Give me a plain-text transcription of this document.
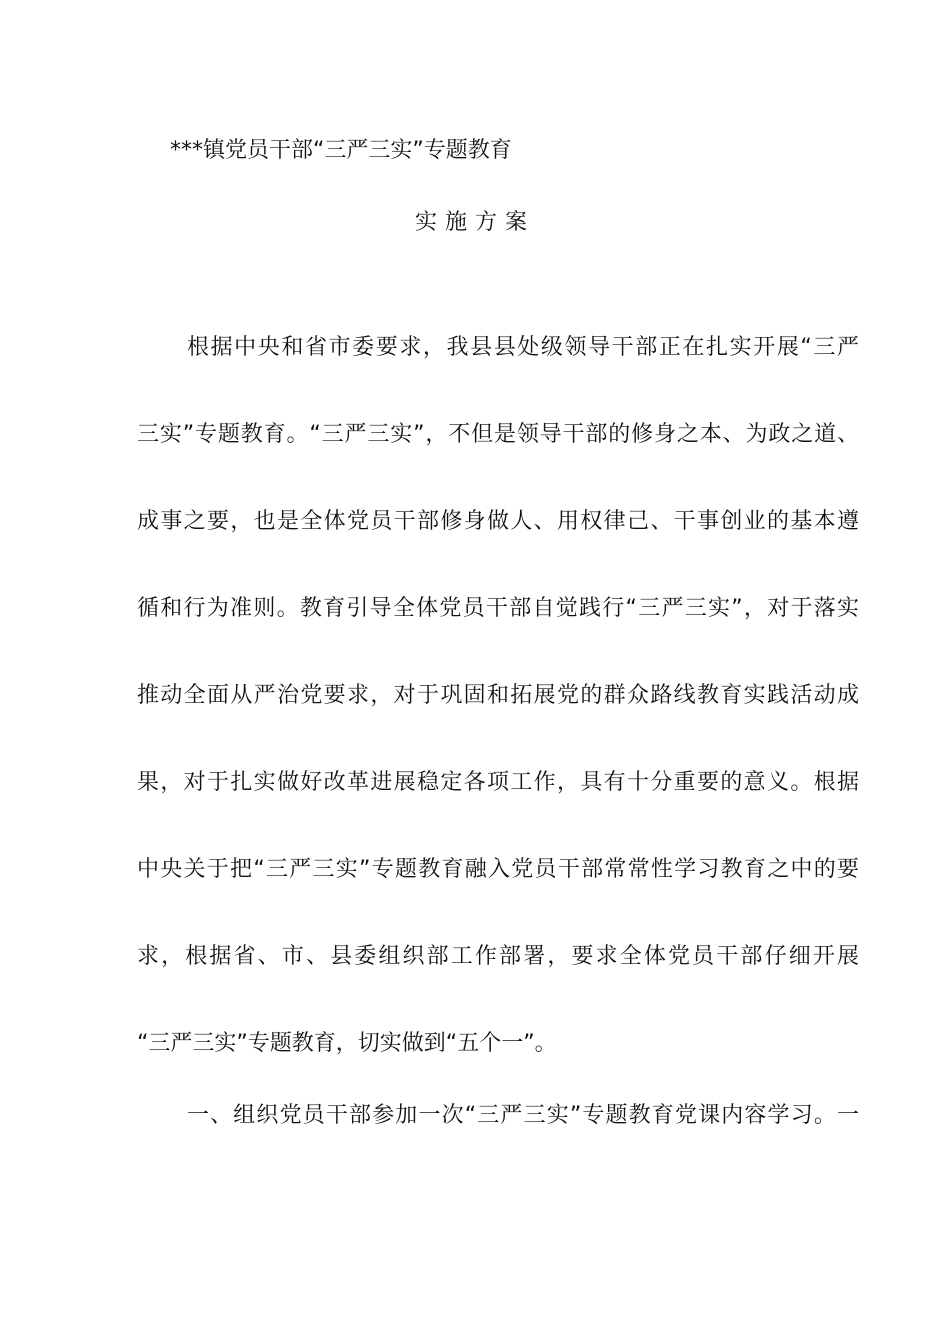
***镇党员干部“三严三实”专题教育
实施方案
根据中央和省市委要求，我县县处级领导干部正在扎实开展“三严
三实”专题教育。“三严三实”，不但是领导干部的修身之本、为政之道、
成事之要，也是全体党员干部修身做人、用权律己、干事创业的基本遵
循和行为准则。教育引导全体党员干部自觉践行“三严三实”，对于落实
推动全面从严治党要求，对于巩固和拓展党的群众路线教育实践活动成
果，对于扎实做好改革进展稳定各项工作，具有十分重要的意义。根据
中央关于把“三严三实”专题教育融入党员干部常常性学习教育之中的要
求，根据省、市、县委组织部工作部署，要求全体党员干部仔细开展
“三严三实”专题教育，切实做到“五个一”。
一、组织党员干部参加一次“三严三实”专题教育党课内容学习。一
